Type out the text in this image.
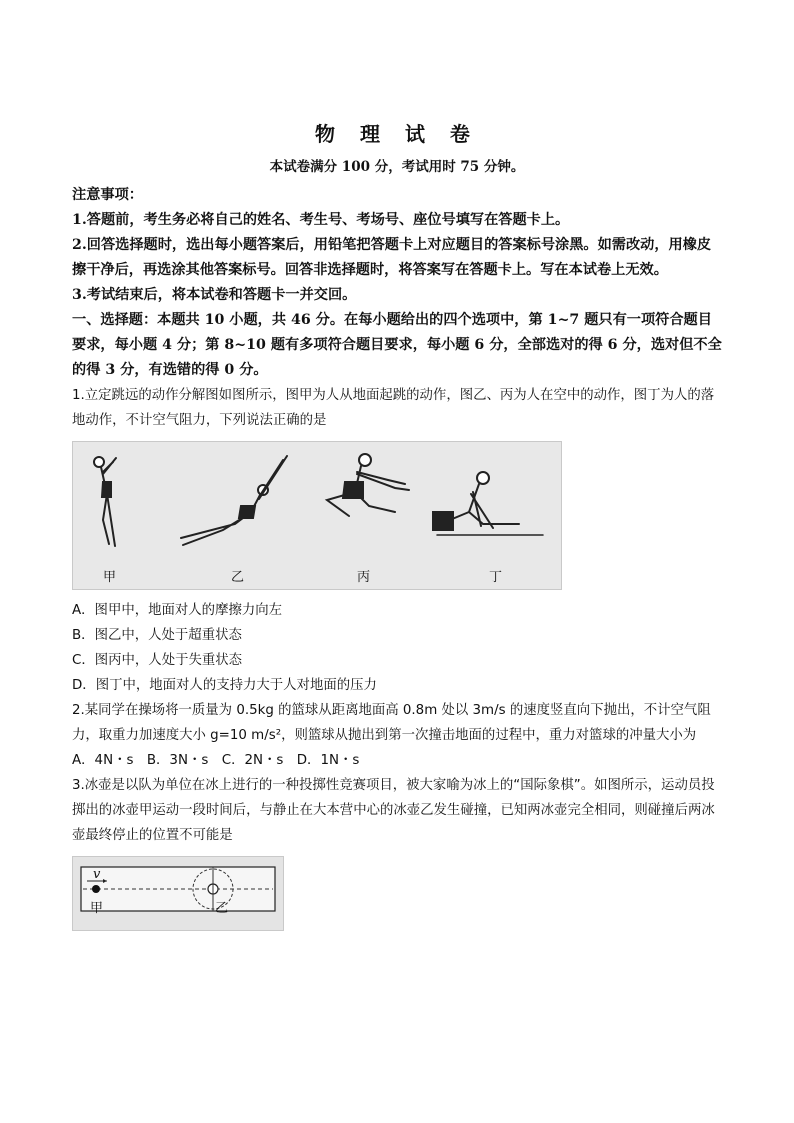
物 理 试 卷
本试卷满分 100 分，考试用时 75 分钟。

注意事项：

1.答题前，考生务必将自己的姓名、考生号、考场号、座位号填写在答题卡上。

2.回答选择题时，选出每小题答案后，用铅笔把答题卡上对应题目的答案标号涂黑。如需改动，用橡皮擦干净后，再选涂其他答案标号。回答非选择题时，将答案写在答题卡上。写在本试卷上无效。

3.考试结束后，将本试卷和答题卡一并交回。

一、选择题：本题共 10 小题，共 46 分。在每小题给出的四个选项中，第 1~7 题只有一项符合题目要求，每小题 4 分；第 8~10 题有多项符合题目要求，每小题 6 分，全部选对的得 6 分，选对但不全的得 3 分，有选错的得 0 分。

1.立定跳远的动作分解图如图所示，图甲为人从地面起跳的动作，图乙、丙为人在空中的动作，图丁为人的落地动作，不计空气阻力，下列说法正确的是

甲	乙	丙	丁

A．图甲中，地面对人的摩擦力向左

B．图乙中，人处于超重状态

C．图丙中，人处于失重状态

D．图丁中，地面对人的支持力大于人对地面的压力

2.某同学在操场将一质量为 0.5kg 的篮球从距离地面高 0.8m 处以 3m/s 的速度竖直向下抛出，不计空气阻力，取重力加速度大小 g=10 m/s²，则篮球从抛出到第一次撞击地面的过程中，重力对篮球的冲量大小为

A．4N・s　B．3N・s　C．2N・s　D．1N・s

3.冰壶是以队为单位在冰上进行的一种投掷性竞赛项目，被大家喻为冰上的“国际象棋”。如图所示，运动员投掷出的冰壶甲运动一段时间后，与静止在大本营中心的冰壶乙发生碰撞，已知两冰壶完全相同，则碰撞后两冰壶最终停止的位置不可能是

v
甲	乙
